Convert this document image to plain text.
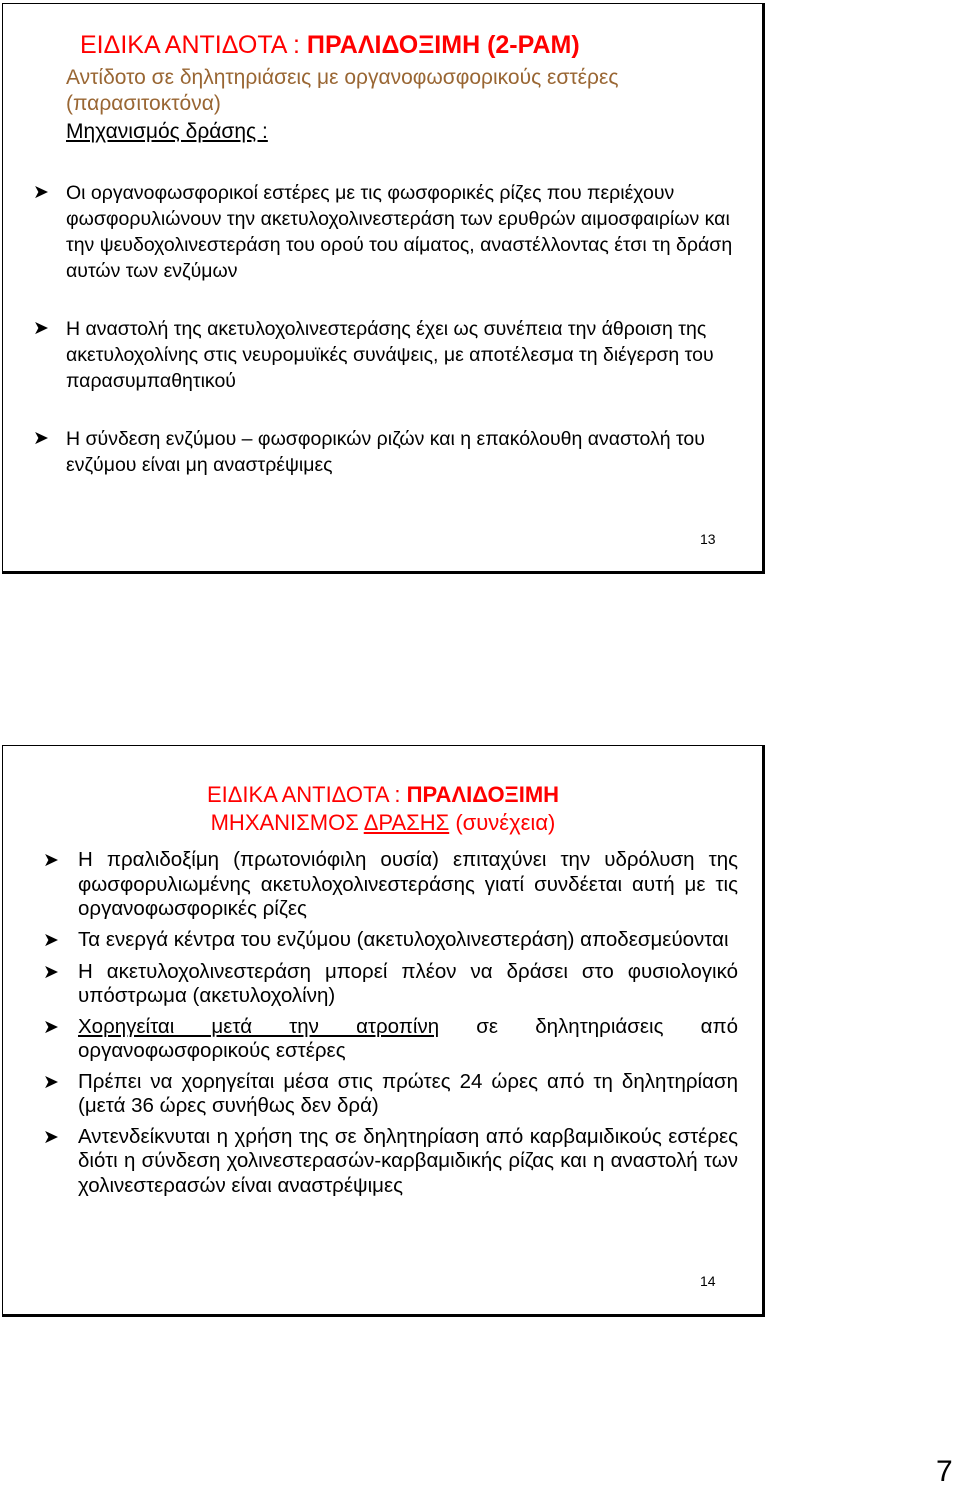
ΕΙΔΙΚΑ ΑΝΤΙΔΟΤΑ : ΠΡΑΛΙΔΟΞΙΜΗ (2-PAM)
Αντίδοτο σε δηλητηριάσεις με οργανοφωσφορικούς εστέρες (παρασιτοκτόνα)
Μηχανισμός δράσης :
➤ Οι οργανοφωσφορικοί εστέρες με τις φωσφορικές ρίζες που περιέχουν φωσφορυλιώνουν την ακετυλοχολινεστεράση των ερυθρών αιμοσφαιρίων και την ψευδοχολινεστεράση του ορού του αίματος, αναστέλλοντας έτσι τη δράση αυτών των ενζύμων
➤ Η αναστολή της ακετυλοχολινεστεράσης έχει ως συνέπεια την άθροιση της ακετυλοχολίνης στις νευρομυϊκές συνάψεις, με αποτέλεσμα τη διέγερση του παρασυμπαθητικού
➤ Η σύνδεση ενζύμου – φωσφορικών ριζών και η επακόλουθη αναστολή του ενζύμου είναι μη αναστρέψιμες
13
ΕΙΔΙΚΑ ΑΝΤΙΔΟΤΑ : ΠΡΑΛΙΔΟΞΙΜΗ
ΜΗΧΑΝΙΣΜΟΣ ΔΡΑΣΗΣ (συνέχεια)
➤ Η πραλιδοξίμη (πρωτονιόφιλη ουσία) επιταχύνει την υδρόλυση της φωσφορυλιωμένης ακετυλοχολινεστεράσης γιατί συνδέεται αυτή με τις οργανοφωσφορικές ρίζες
➤ Τα ενεργά κέντρα του ενζύμου (ακετυλοχολινεστεράση) αποδεσμεύονται
➤ Η ακετυλοχολινεστεράση μπορεί πλέον να δράσει στο φυσιολογικό υπόστρωμα (ακετυλοχολίνη)
➤ Χορηγείται μετά την ατροπίνη σε δηλητηριάσεις από οργανοφωσφορικούς εστέρες
➤ Πρέπει να χορηγείται μέσα στις πρώτες 24 ώρες από τη δηλητηρίαση (μετά 36 ώρες συνήθως δεν δρά)
➤ Αντενδείκνυται η χρήση της σε δηλητηρίαση από καρβαμιδικούς εστέρες διότι η σύνδεση χολινεστερασών-καρβαμιδικής ρίζας και η αναστολή των χολινεστερασών είναι αναστρέψιμες
14
7
